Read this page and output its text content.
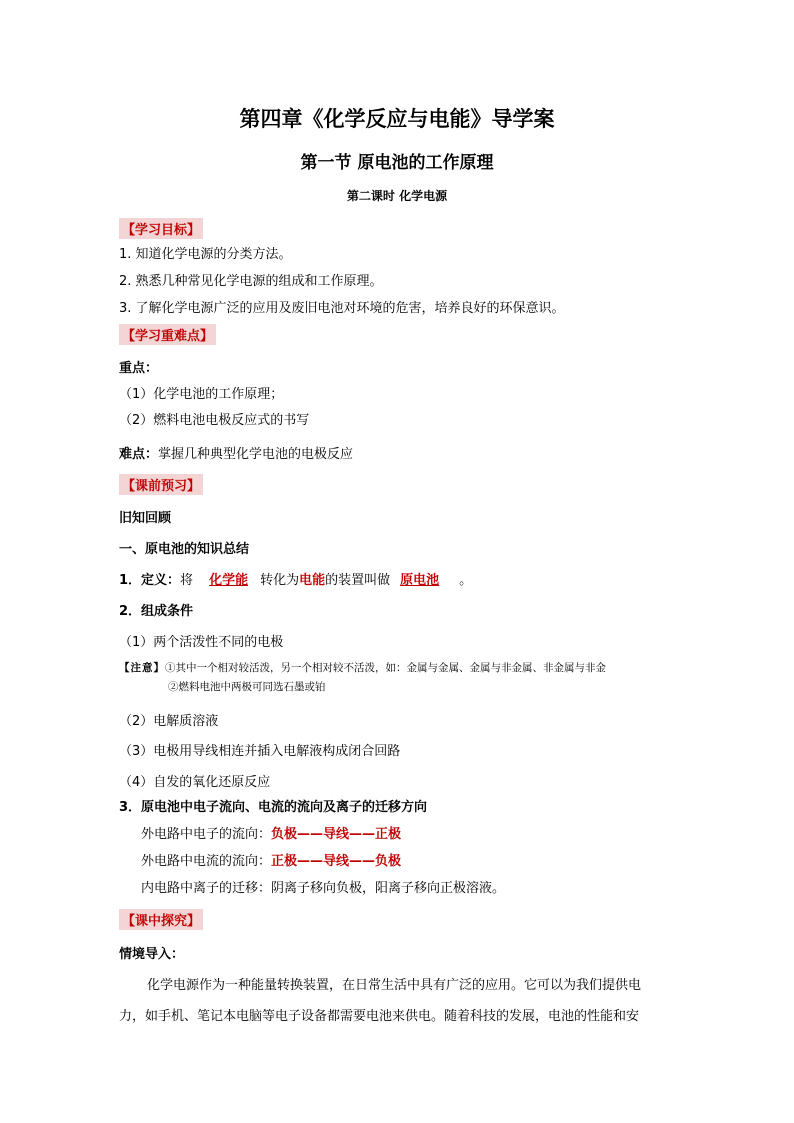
第四章《化学反应与电能》导学案
第一节 原电池的工作原理
第二课时 化学电源
【学习目标】
1. 知道化学电源的分类方法。
2. 熟悉几种常见化学电源的组成和工作原理。
3. 了解化学电源广泛的应用及废旧电池对环境的危害，培养良好的环保意识。
【学习重难点】
重点：
（1）化学电池的工作原理；
（2）燃料电池电极反应式的书写
难点：掌握几种典型化学电池的电极反应
【课前预习】
旧知回顾
一、原电池的知识总结
1．定义：将 化学能 转化为电能的装置叫做 原电池 。
2．组成条件
（1）两个活泼性不同的电极
【注意】①其中一个相对较活泼，另一个相对较不活泼，如：金属与金属、金属与非金属、非金属与非金
②燃料电池中两极可同选石墨或铂
（2）电解质溶液
（3）电极用导线相连并插入电解液构成闭合回路
（4）自发的氧化还原反应
3．原电池中电子流向、电流的流向及离子的迁移方向
外电路中电子的流向：负极——导线——正极
外电路中电流的流向：正极——导线——负极
内电路中离子的迁移：阴离子移向负极，阳离子移向正极溶液。
【课中探究】
情境导入：
化学电源作为一种能量转换装置，在日常生活中具有广泛的应用。它可以为我们提供电
力，如手机、笔记本电脑等电子设备都需要电池来供电。随着科技的发展，电池的性能和安
